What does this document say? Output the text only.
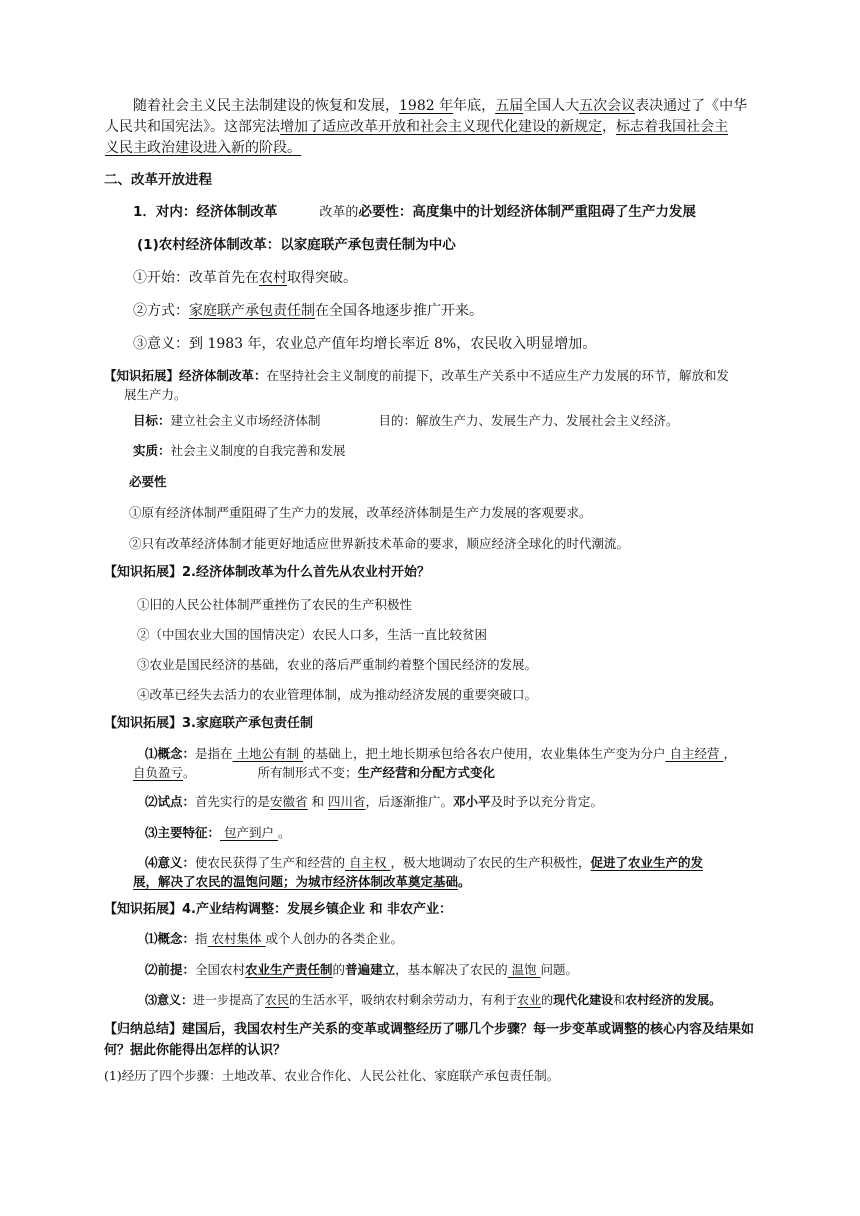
随着社会主义民主法制建设的恢复和发展，1982 年年底，五届全国人大五次会议表决通过了《中华
人民共和国宪法》。这部宪法增加了适应改革开放和社会主义现代化建设的新规定，标志着我国社会主
义民主政治建设进入新的阶段。
二、改革开放进程
1．对内：经济体制改革	改革的必要性：高度集中的计划经济体制严重阻碍了生产力发展
(1)农村经济体制改革：以家庭联产承包责任制为中心
①开始：改革首先在农村取得突破。
②方式：家庭联产承包责任制在全国各地逐步推广开来。
③意义：到 1983 年，农业总产值年均增长率近 8%，农民收入明显增加。
【知识拓展】经济体制改革：在坚持社会主义制度的前提下，改革生产关系中不适应生产力发展的环节，解放和发
展生产力。
目标：建立社会主义市场经济体制	目的：解放生产力、发展生产力、发展社会主义经济。
实质：社会主义制度的自我完善和发展
必要性
①原有经济体制严重阻碍了生产力的发展，改革经济体制是生产力发展的客观要求。
②只有改革经济体制才能更好地适应世界新技术革命的要求，顺应经济全球化的时代潮流。
【知识拓展】2.经济体制改革为什么首先从农业村开始？
①旧的人民公社体制严重挫伤了农民的生产积极性
②（中国农业大国的国情决定）农民人口多，生活一直比较贫困
③农业是国民经济的基础，农业的落后严重制约着整个国民经济的发展。
④改革已经失去活力的农业管理体制，成为推动经济发展的重要突破口。
【知识拓展】3.家庭联产承包责任制
⑴概念：是指在 土地公有制 的基础上，把土地长期承包给各农户使用，农业集体生产变为分户 自主经营 ，
自负盈亏。	所有制形式不变；生产经营和分配方式变化
⑵试点：首先实行的是安徽省 和 四川省，后逐渐推广。邓小平及时予以充分肯定。
⑶主要特征： 包产到户 。
⑷意义：使农民获得了生产和经营的 自主权 ，极大地调动了农民的生产积极性，促进了农业生产的发
展，解决了农民的温饱问题；为城市经济体制改革奠定基础。
【知识拓展】4.产业结构调整：发展乡镇企业 和 非农产业：
⑴概念：指 农村集体 或个人创办的各类企业。
⑵前提：全国农村农业生产责任制的普遍建立，基本解决了农民的 温饱 问题。
⑶意义：进一步提高了农民的生活水平，吸纳农村剩余劳动力，有利于农业的现代化建设和农村经济的发展。
【归纳总结】建国后，我国农村生产关系的变革或调整经历了哪几个步骤？每一步变革或调整的核心内容及结果如
何？据此你能得出怎样的认识？
(1)经历了四个步骤：土地改革、农业合作化、人民公社化、家庭联产承包责任制。
